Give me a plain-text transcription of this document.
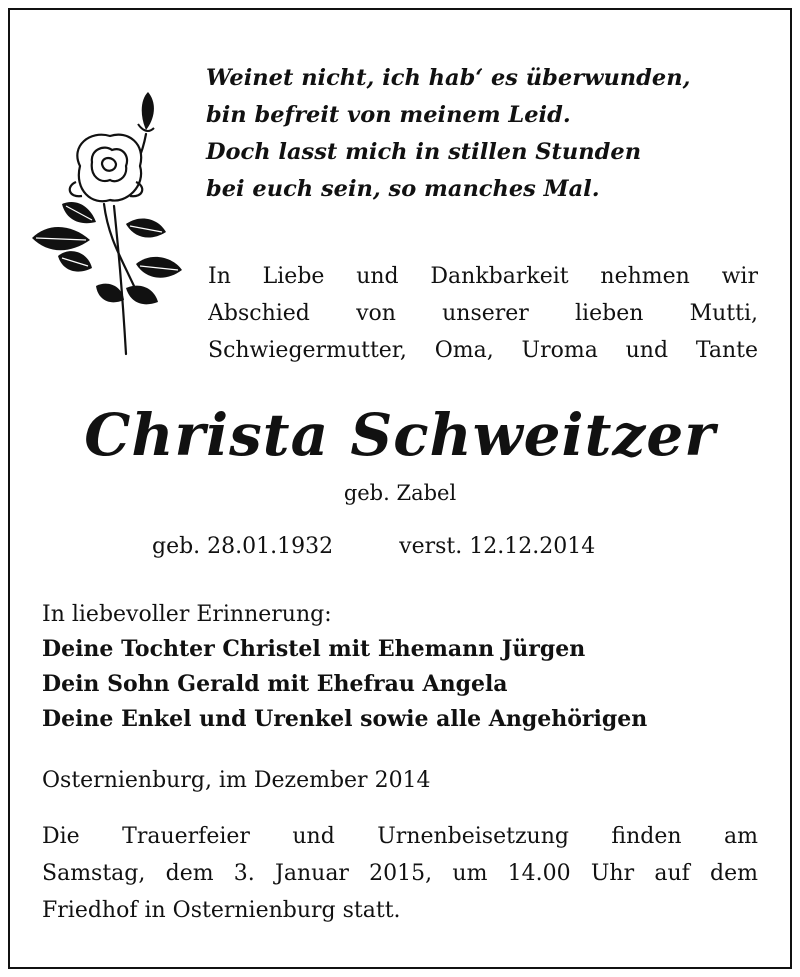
Weinet nicht, ich hab‘ es überwunden,
bin befreit von meinem Leid.
Doch lasst mich in stillen Stunden
bei euch sein, so manches Mal.
In Liebe und Dankbarkeit nehmen wir
Abschied von unserer lieben Mutti,
Schwiegermutter, Oma, Uroma und Tante
Christa Schweitzer
geb. Zabel
geb. 28.01.1932	verst. 12.12.2014
In liebevoller Erinnerung:
Deine Tochter Christel mit Ehemann Jürgen
Dein Sohn Gerald mit Ehefrau Angela
Deine Enkel und Urenkel sowie alle Angehörigen
Osternienburg, im Dezember 2014
Die Trauerfeier und Urnenbeisetzung finden am
Samstag, dem 3. Januar 2015, um 14.00 Uhr auf dem
Friedhof in Osternienburg statt.
